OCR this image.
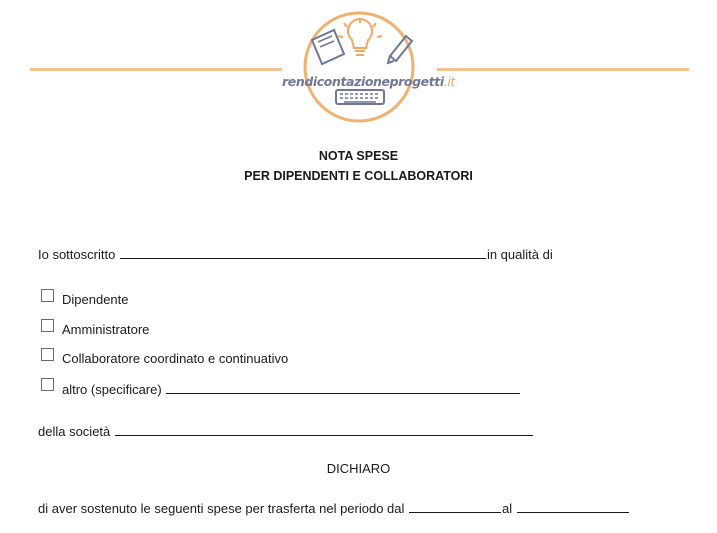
rendicontazioneprogetti.it
NOTA SPESE
PER DIPENDENTI E COLLABORATORI
Io sottoscritto	in qualità di
Dipendente
Amministratore
Collaboratore coordinato e continuativo
altro (specificare)
della società
DICHIARO
di aver sostenuto le seguenti spese per trasferta nel periodo dal	al
